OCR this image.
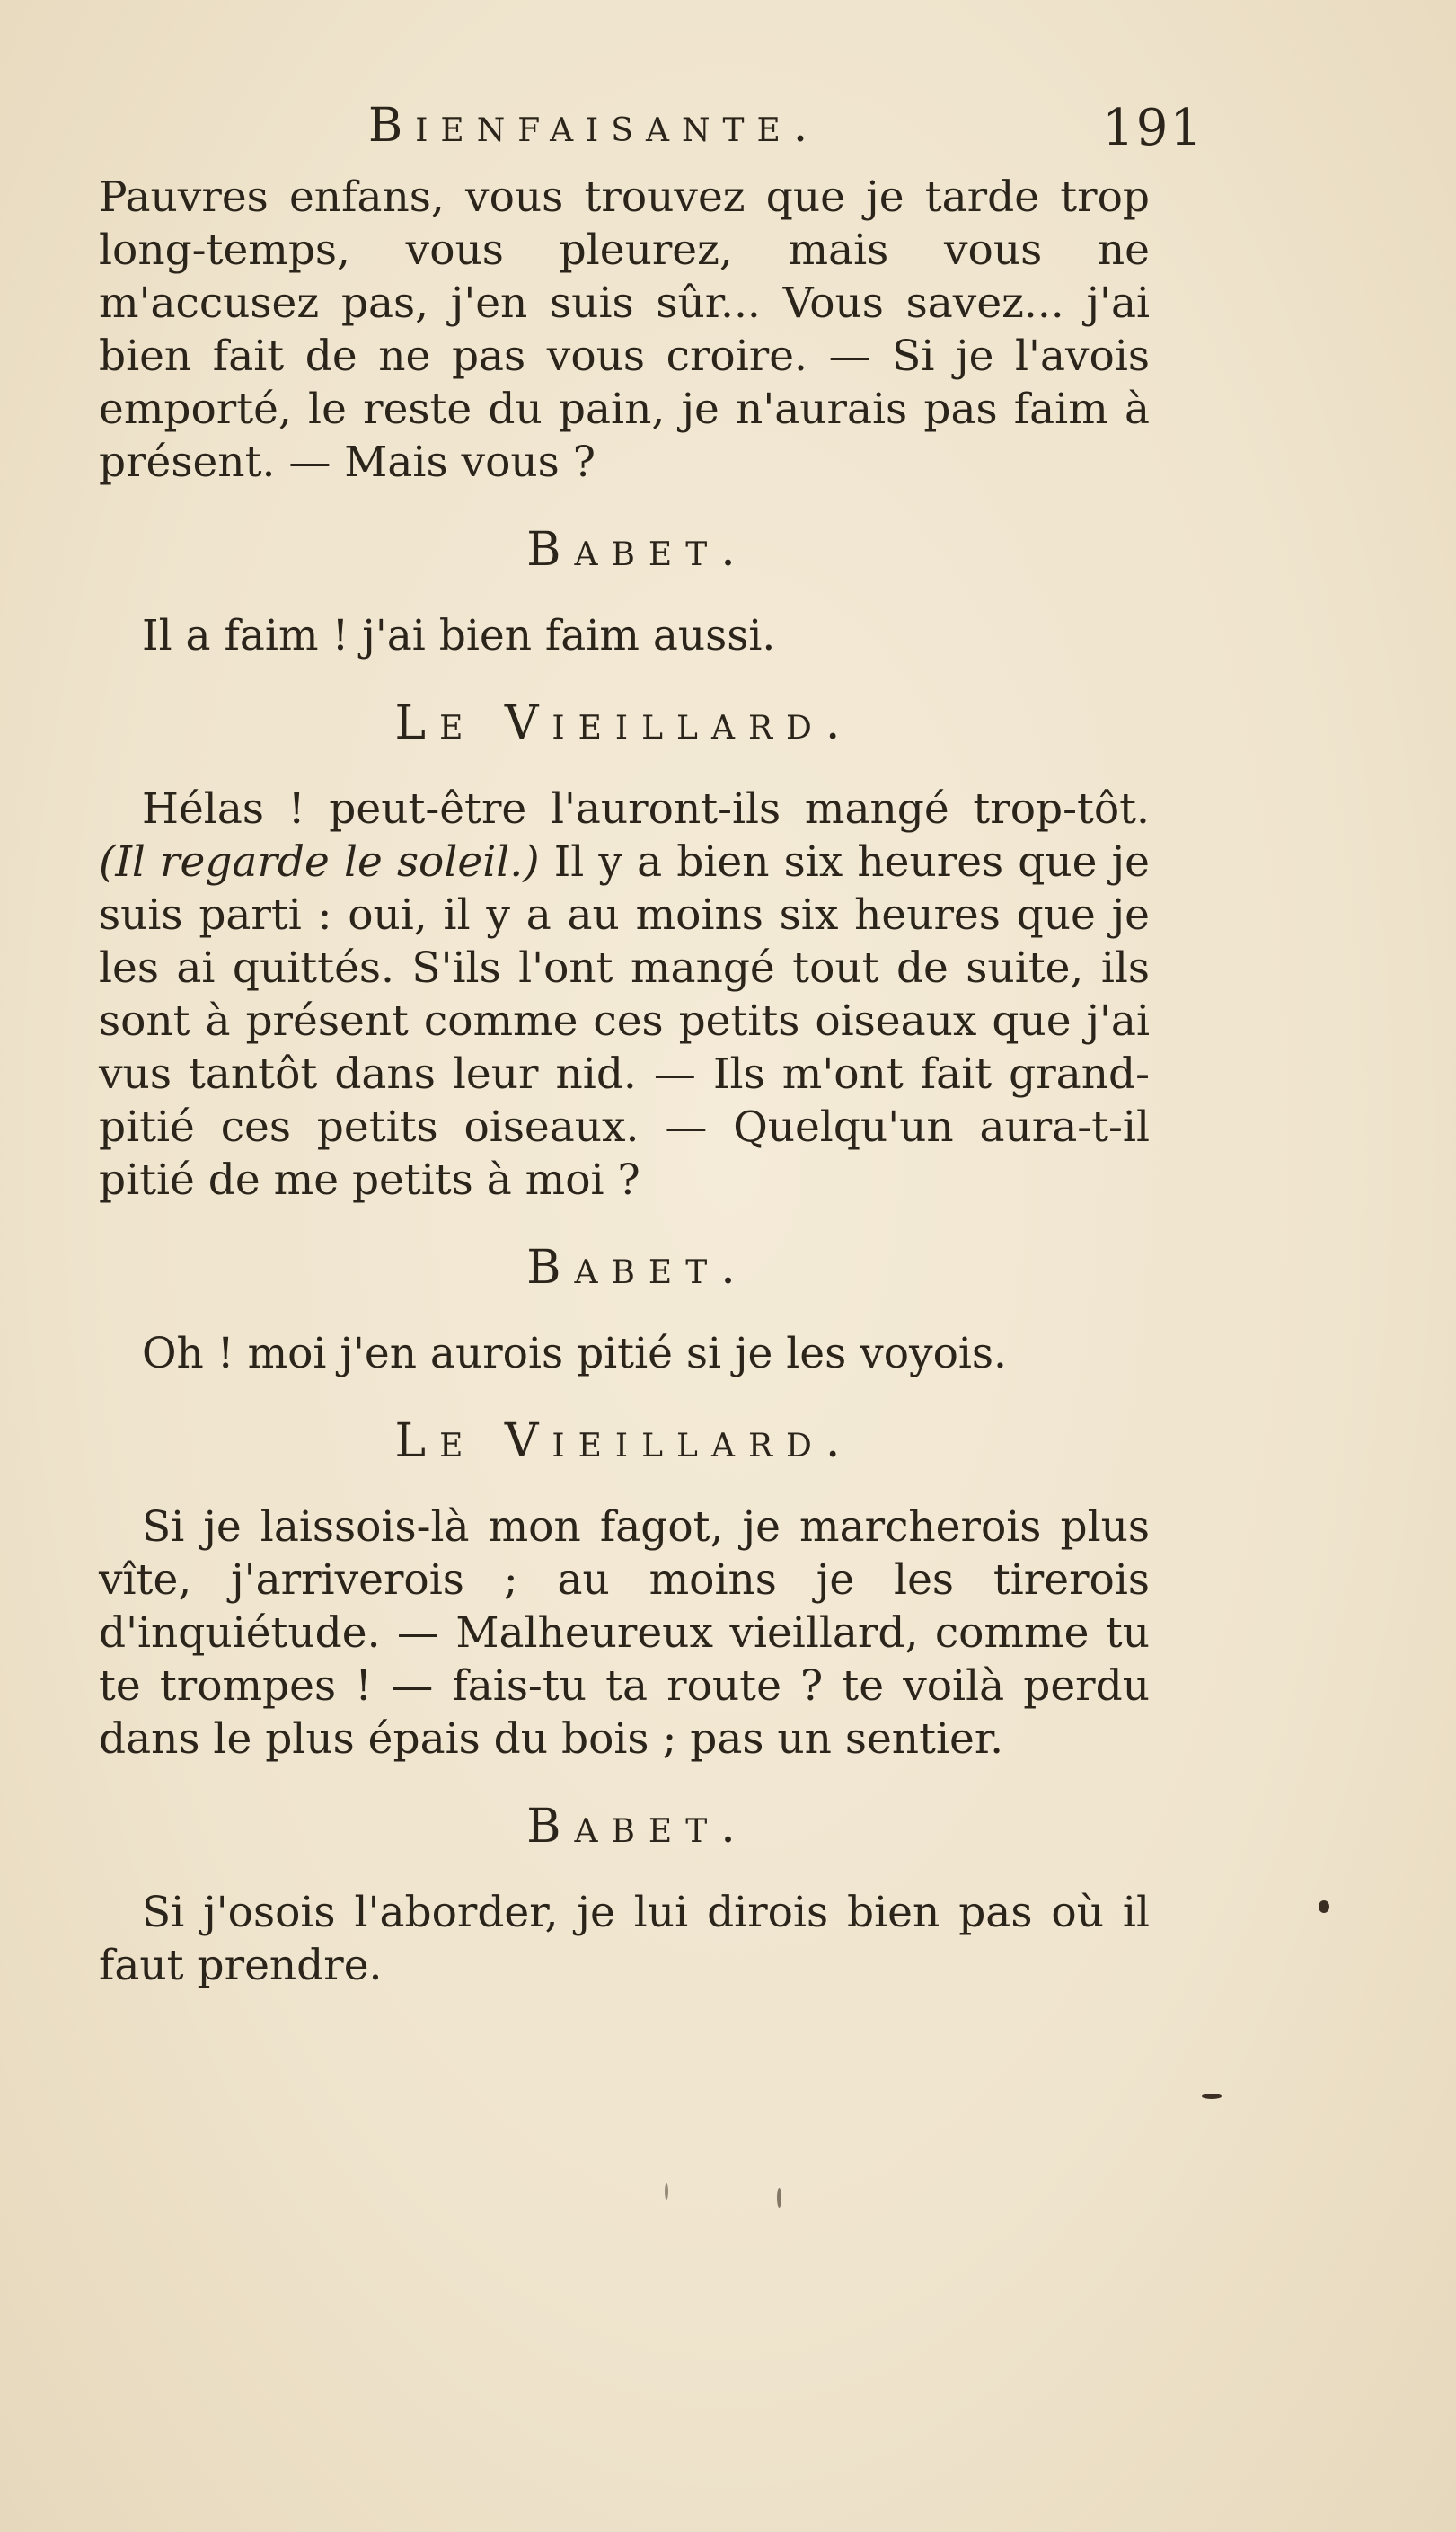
Bienfaisante.	191

Pauvres enfans, vous trouvez que je tarde trop long-temps, vous pleurez, mais vous ne m'accusez pas, j'en suis sûr... Vous savez... j'ai bien fait de ne pas vous croire. — Si je l'avois emporté, le reste du pain, je n'aurais pas faim à présent. — Mais vous ?

Babet.

Il a faim ! j'ai bien faim aussi.

Le Vieillard.

Hélas ! peut-être l'auront-ils mangé trop-tôt. (Il regarde le soleil.) Il y a bien six heures que je suis parti : oui, il y a au moins six heures que je les ai quittés. S'ils l'ont mangé tout de suite, ils sont à présent comme ces petits oiseaux que j'ai vus tantôt dans leur nid. — Ils m'ont fait grand-pitié ces petits oiseaux. — Quelqu'un aura-t-il pitié de me petits à moi ?

Babet.

Oh ! moi j'en aurois pitié si je les voyois.

Le Vieillard.

Si je laissois-là mon fagot, je marcherois plus vîte, j'arriverois ; au moins je les tirerois d'inquiétude. — Malheureux vieillard, comme tu te trompes ! — fais-tu ta route ? te voilà perdu dans le plus épais du bois ; pas un sentier.

Babet.

Si j'osois l'aborder, je lui dirois bien pas où il faut prendre.
